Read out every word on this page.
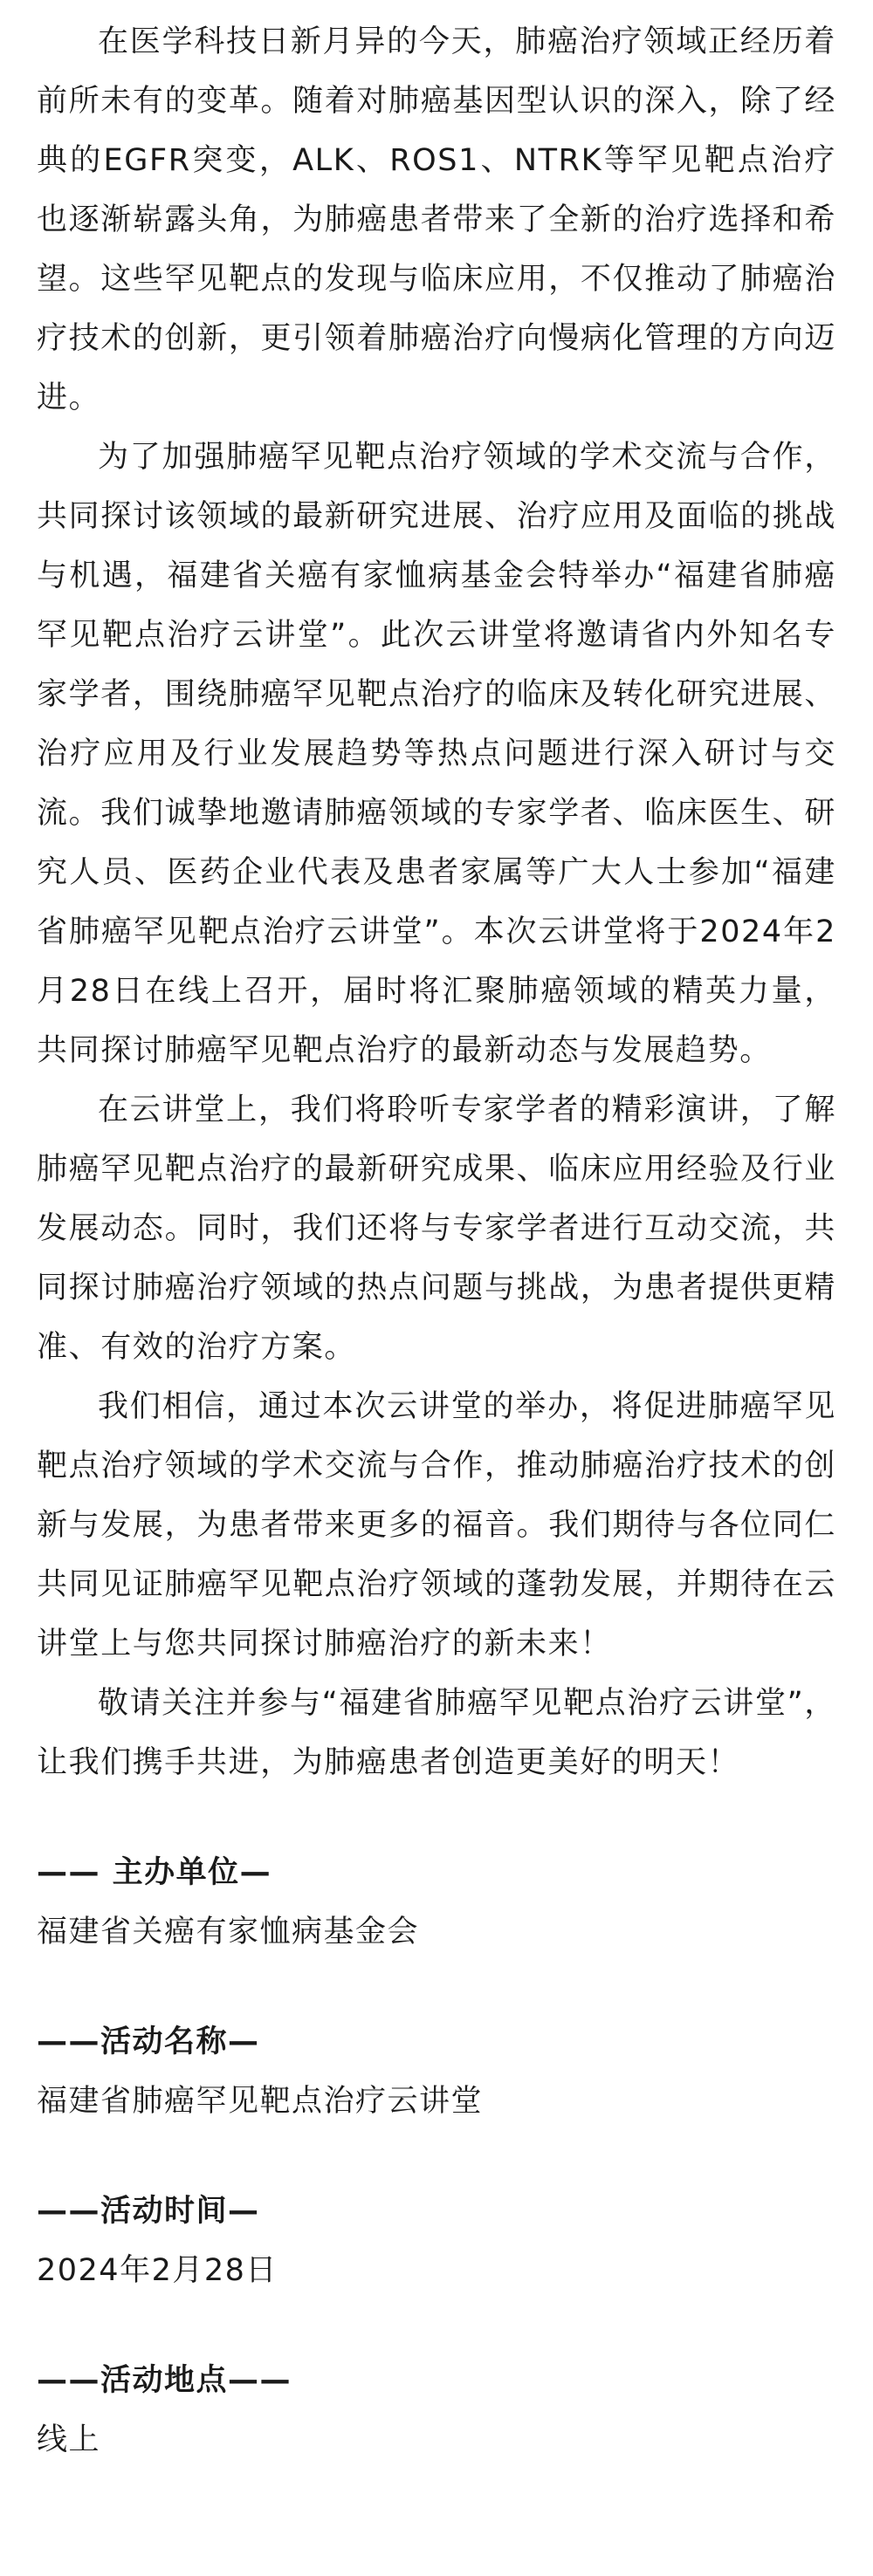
在医学科技日新月异的今天，肺癌治疗领域正经历着前所未有的变革。随着对肺癌基因型认识的深入，除了经典的EGFR突变，ALK、ROS1、NTRK等罕见靶点治疗也逐渐崭露头角，为肺癌患者带来了全新的治疗选择和希望。这些罕见靶点的发现与临床应用，不仅推动了肺癌治疗技术的创新，更引领着肺癌治疗向慢病化管理的方向迈进。

为了加强肺癌罕见靶点治疗领域的学术交流与合作，共同探讨该领域的最新研究进展、治疗应用及面临的挑战与机遇，福建省关癌有家恤病基金会特举办“福建省肺癌罕见靶点治疗云讲堂”。此次云讲堂将邀请省内外知名专家学者，围绕肺癌罕见靶点治疗的临床及转化研究进展、治疗应用及行业发展趋势等热点问题进行深入研讨与交流。我们诚挚地邀请肺癌领域的专家学者、临床医生、研究人员、医药企业代表及患者家属等广大人士参加“福建省肺癌罕见靶点治疗云讲堂”。本次云讲堂将于2024年2月28日在线上召开，届时将汇聚肺癌领域的精英力量，共同探讨肺癌罕见靶点治疗的最新动态与发展趋势。

在云讲堂上，我们将聆听专家学者的精彩演讲，了解肺癌罕见靶点治疗的最新研究成果、临床应用经验及行业发展动态。同时，我们还将与专家学者进行互动交流，共同探讨肺癌治疗领域的热点问题与挑战，为患者提供更精准、有效的治疗方案。

我们相信，通过本次云讲堂的举办，将促进肺癌罕见靶点治疗领域的学术交流与合作，推动肺癌治疗技术的创新与发展，为患者带来更多的福音。我们期待与各位同仁共同见证肺癌罕见靶点治疗领域的蓬勃发展，并期待在云讲堂上与您共同探讨肺癌治疗的新未来！

敬请关注并参与“福建省肺癌罕见靶点治疗云讲堂”，让我们携手共进，为肺癌患者创造更美好的明天！

—— 主办单位—

福建省关癌有家恤病基金会

——活动名称—

福建省肺癌罕见靶点治疗云讲堂

——活动时间—

2024年2月28日

——活动地点——

线上
